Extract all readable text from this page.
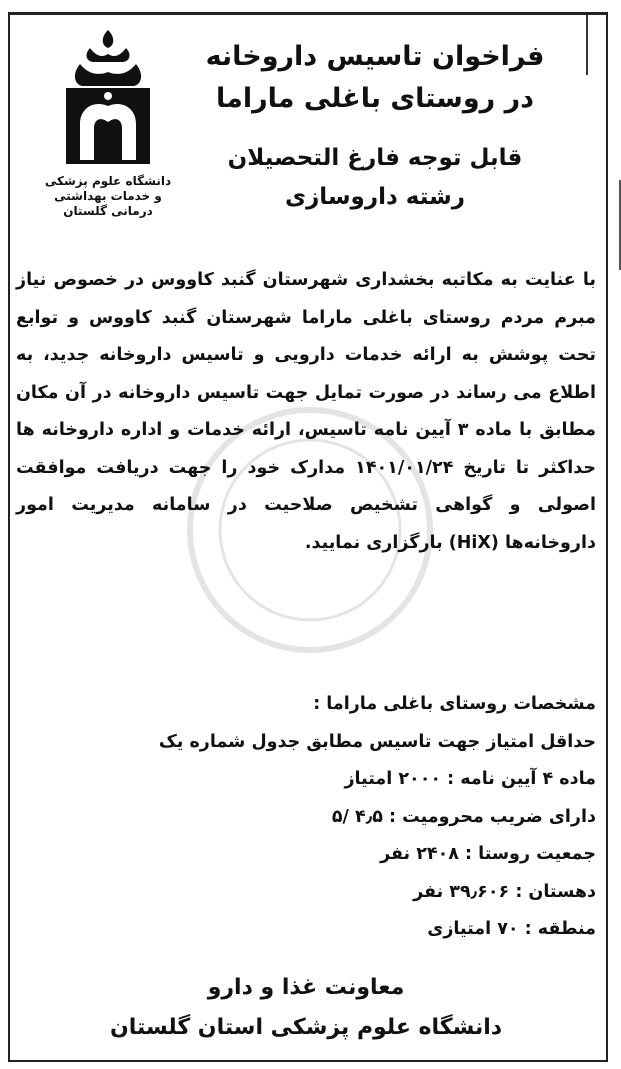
دانشگاه علوم پزشکی
و خدمات بهداشتی
درمانی گلستان

فراخوان تاسیس داروخانه

در روستای باغلی ماراما

قابل توجه فارغ التحصیلان
رشته داروسازی

با عنایت به مکاتبه بخشداری شهرستان گنبد کاووس در خصوص نیاز مبرم مردم روستای باغلی ماراما شهرستان گنبد کاووس و توابع تحت پوشش به ارائه خدمات دارویی و تاسیس داروخانه جدید، به اطلاع می رساند در صورت تمایل جهت تاسیس داروخانه در آن مکان مطابق با ماده ۳ آیین نامه تاسیس، ارائه خدمات و اداره داروخانه ها حداکثر تا تاریخ ۱۴۰۱/۰۱/۲۴ مدارک خود را جهت دریافت موافقت اصولی و گواهی تشخیص صلاحیت در سامانه مدیریت امور داروخانه‌ها (HiX) بارگزاری نمایید.

مشخصات روستای باغلی ماراما :

حداقل امتیاز جهت تاسیس مطابق جدول شماره یک

ماده ۴ آیین نامه : ۲۰۰۰ امتیاز

دارای ضریب محرومیت : ۴٫۵ /۵

جمعیت روستا : ۲۴۰۸ نفر

دهستان : ۳۹٫۶۰۶ نفر

منطقه : ۷۰ امتیازی

معاونت غذا و دارو
دانشگاه علوم پزشکی استان گلستان
